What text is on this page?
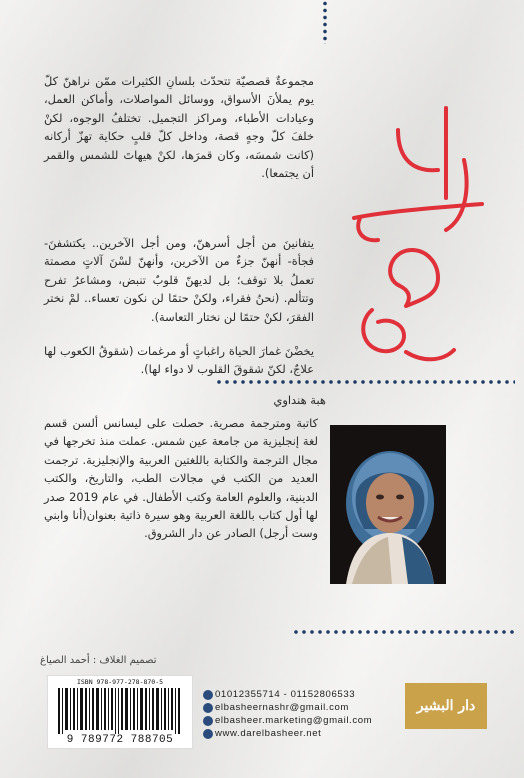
مجموعةٌ قصصيّة تتحدّث بلسانِ الكثيرات ممّن نراهنّ كلّ يوم يملأنَ الأسواق، ووسائل المواصلات، وأماكن العمل، وعيادات الأطباء، ومراكز التجميل. تختلفُ الوجوه، لكنْ خلفَ كلّ وجهٍ قصة، وداخل كلّ قلبٍ حكاية تهزّ أركانه (كانت شمسَه، وكان قمرَها، لكنْ هيهاتَ للشمس والقمر أن يجتمعا).

يتفانينَ من أجل أسرهنّ، ومن أجل الآخرين.. يكتشفنَ- فجأة- أنهنّ جزءٌ من الآخرين، وأنهنّ لسْنَ آلاتٍ مصمتة تعملُ بلا توقف؛ بل لديهنّ قلوبٌ تنبض، ومشاعرُ تفرح وتتألم. (نحنُ فقراء، ولكنْ حتمًا لن نكون تعساء.. لمْ نختر الفقرَ، لكنْ حتمًا لن نختار التعاسة).

يخضْنَ غمارَ الحياة راغباتٍ أو مرغمات (شقوقُ الكعوب لها علاجٌ، لكنّ شقوقَ القلوب لا دواء لها).

هبة هنداوي

كاتبة ومترجمة مصرية. حصلت على ليسانس ألسن قسم لغة إنجليزية من جامعة عين شمس. عملت منذ تخرجها في مجال الترجمة والكتابة باللغتين العربية والإنجليزية. ترجمت العديد من الكتب في مجالات الطب، والتاريخ، والكتب الدينية، والعلوم العامة وكتب الأطفال. في عام 2019 صدر لها أول كتاب باللغة العربية وهو سيرة ذاتية بعنوان(أنا وابني وست أرجل) الصادر عن دار الشروق.

تصميم الغلاف : أحمد الصياغ
ISBN 978-977-278-870-5
9 789772 788705
01012355714 - 01152806533
elbasheernashr@gmail.com
elbasheer.marketing@gmail.com
www.darelbasheer.net
دار البشير
